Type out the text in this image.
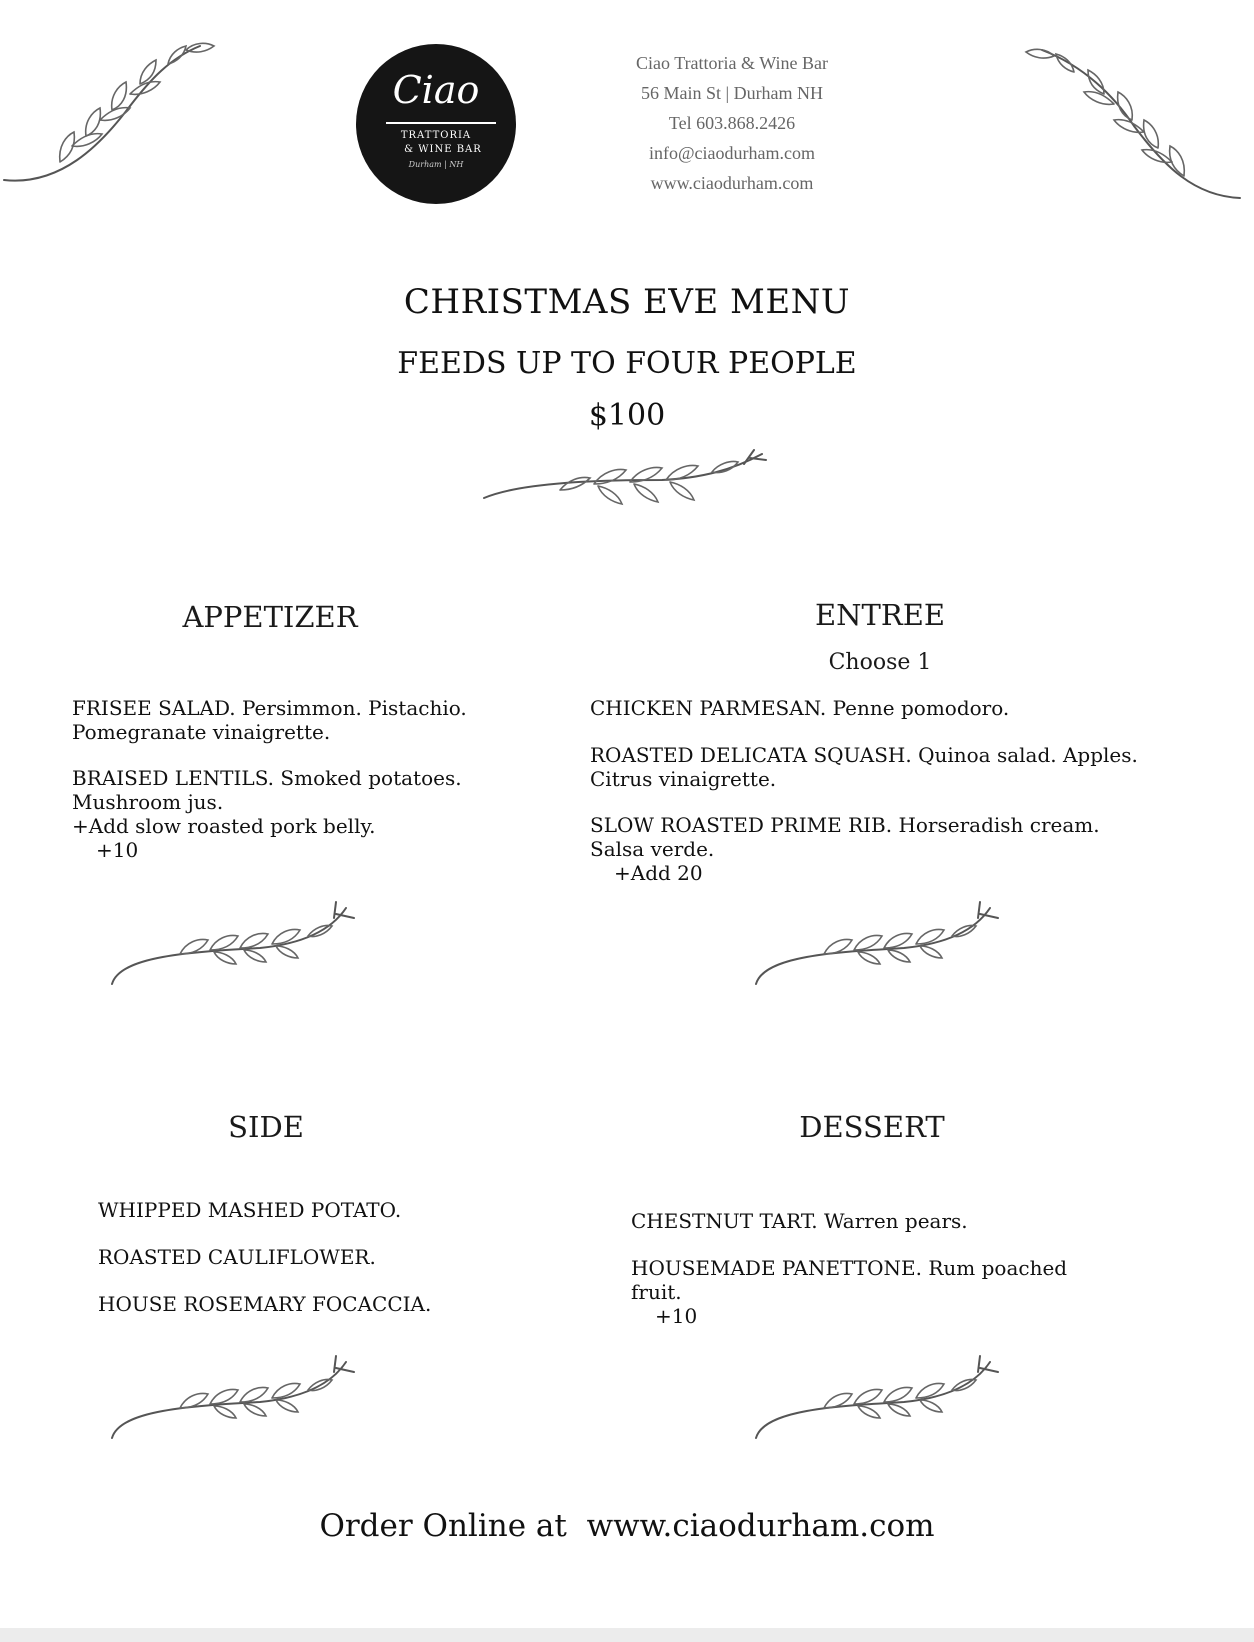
Ciao
TRATTORIA
& WINE BAR
Durham | NH
Ciao Trattoria & Wine Bar
56 Main St | Durham NH
Tel 603.868.2426
info@ciaodurham.com
www.ciaodurham.com
CHRISTMAS EVE MENU
FEEDS UP TO FOUR PEOPLE
$100
APPETIZER
FRISEE SALAD. Persimmon. Pistachio. Pomegranate vinaigrette.
BRAISED LENTILS. Smoked potatoes. Mushroom jus.
+Add slow roasted pork belly.
+10
ENTREE
Choose 1
CHICKEN PARMESAN. Penne pomodoro.
ROASTED DELICATA SQUASH. Quinoa salad. Apples. Citrus vinaigrette.
SLOW ROASTED PRIME RIB. Horseradish cream. Salsa verde.
+Add 20
SIDE
WHIPPED MASHED POTATO.
ROASTED CAULIFLOWER.
HOUSE ROSEMARY FOCACCIA.
DESSERT
CHESTNUT TART. Warren pears.
HOUSEMADE PANETTONE. Rum poached fruit.
+10
Order Online at  www.ciaodurham.com
